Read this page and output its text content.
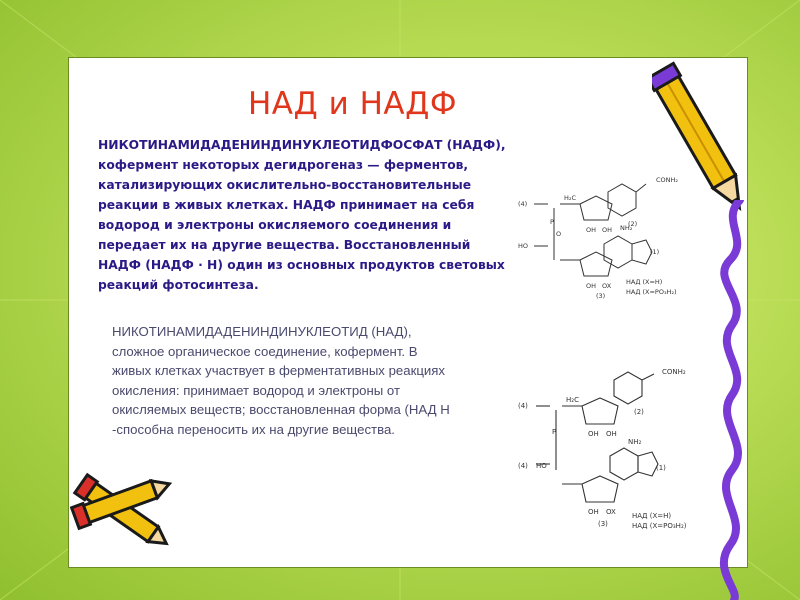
НАД и НАДФ

НИКОТИНАМИДАДЕНИНДИНУКЛЕОТИДФОСФАТ (НАДФ), кофермент некоторых дегидрогеназ — ферментов, катализирующих окислительно-восстановительные реакции в живых клетках. НАДФ принимает на себя водород и электроны окисляемого соединения и передает их на другие вещества. Восстановленный НАДФ (НАДФ · Н) один из основных продуктов световых реакций фотосинтеза.

НИКОТИНАМИДАДЕНИНДИНУКЛЕОТИД (НАД),
сложное органическое соединение, кофермент. В
живых клетках участвует в ферментативных реакциях
окисления: принимает водород и электроны от
окисляемых веществ; восстановленная форма (НАД Н
-способна переносить их на другие вещества.

CONH₂
(2)
(4)
H₂C
P
O	OH OH NH₂
(1)
HO
OH OX
(3)
НАД (X=H)
НАД (X=PO₃H₂)
CONH₂
(2)
(4)
H₂C
P	OH OH
NH₂
(1)
(4) HO
OH OX
(3)
НАД (X=H)
НАД (X=PO₃H₂)
